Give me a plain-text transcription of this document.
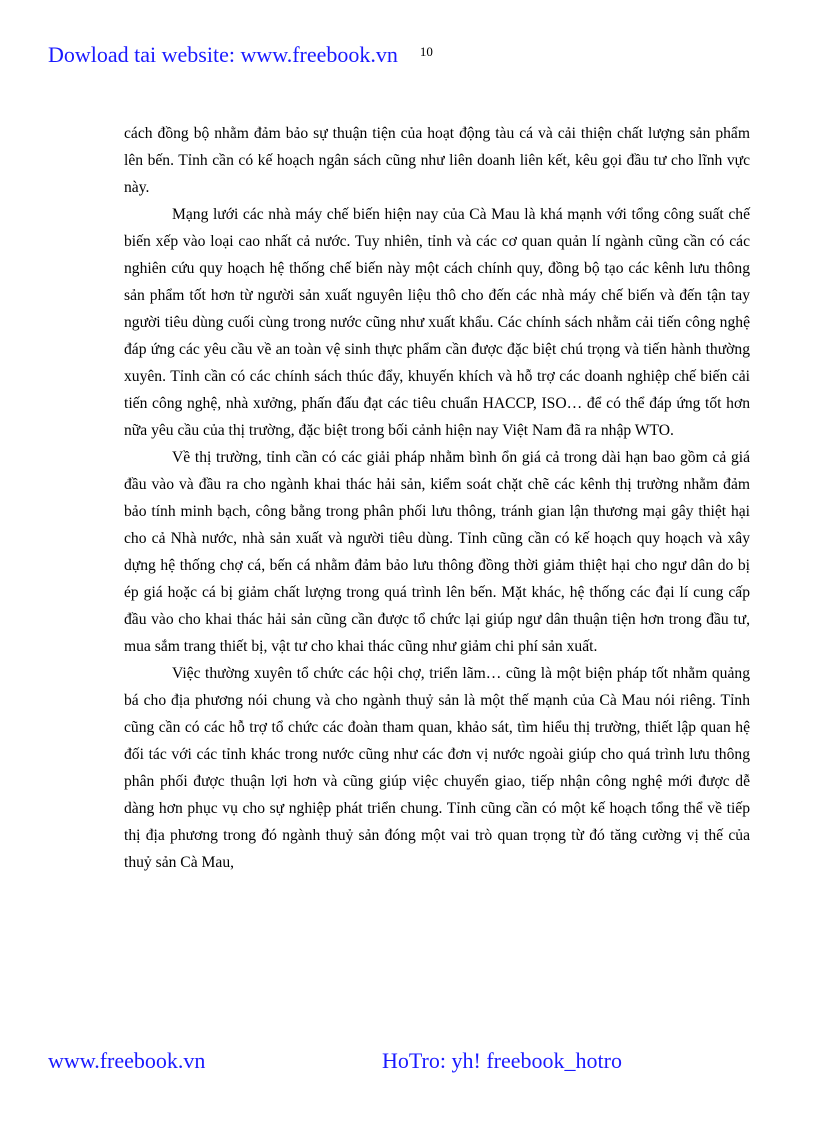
Dowload tai website: www.freebook.vn 10

cách đồng bộ nhằm đảm bảo sự thuận tiện của hoạt động tàu cá và cải thiện chất lượng sản phẩm lên bến. Tỉnh cần có kế hoạch ngân sách cũng như liên doanh liên kết, kêu gọi đầu tư cho lĩnh vực này.

Mạng lưới các nhà máy chế biến hiện nay của Cà Mau là khá mạnh với tổng công suất chế biến xếp vào loại cao nhất cả nước. Tuy nhiên, tỉnh và các cơ quan quản lí ngành cũng cần có các nghiên cứu quy hoạch hệ thống chế biến này một cách chính quy, đồng bộ tạo các kênh lưu thông sản phẩm tốt hơn từ người sản xuất nguyên liệu thô cho đến các nhà máy chế biến và đến tận tay người tiêu dùng cuối cùng trong nước cũng như xuất khẩu. Các chính sách nhằm cải tiến công nghệ đáp ứng các yêu cầu về an toàn vệ sinh thực phẩm cần được đặc biệt chú trọng và tiến hành thường xuyên. Tỉnh cần có các chính sách thúc đẩy, khuyến khích và hỗ trợ các doanh nghiệp chế biến cải tiến công nghệ, nhà xưởng, phấn đấu đạt các tiêu chuẩn HACCP, ISO… để có thể đáp ứng tốt hơn nữa yêu cầu của thị trường, đặc biệt trong bối cảnh hiện nay Việt Nam đã ra nhập WTO.

Về thị trường, tỉnh cần có các giải pháp nhằm bình ổn giá cả trong dài hạn bao gồm cả giá đầu vào và đầu ra cho ngành khai thác hải sản, kiểm soát chặt chẽ các kênh thị trường nhằm đảm bảo tính minh bạch, công bằng trong phân phối lưu thông, tránh gian lận thương mại gây thiệt hại cho cả Nhà nước, nhà sản xuất và người tiêu dùng. Tỉnh cũng cần có kế hoạch quy hoạch và xây dựng hệ thống chợ cá, bến cá nhằm đảm bảo lưu thông đồng thời giảm thiệt hại cho ngư dân do bị ép giá hoặc cá bị giảm chất lượng trong quá trình lên bến. Mặt khác, hệ thống các đại lí cung cấp đầu vào cho khai thác hải sản cũng cần được tổ chức lại giúp ngư dân thuận tiện hơn trong đầu tư, mua sắm trang thiết bị, vật tư cho khai thác cũng như giảm chi phí sản xuất.

Việc thường xuyên tổ chức các hội chợ, triển lãm… cũng là một biện pháp tốt nhằm quảng bá cho địa phương nói chung và cho ngành thuỷ sản là một thế mạnh của Cà Mau nói riêng. Tỉnh cũng cần có các hỗ trợ tổ chức các đoàn tham quan, khảo sát, tìm hiểu thị trường, thiết lập quan hệ đối tác với các tỉnh khác trong nước cũng như các đơn vị nước ngoài giúp cho quá trình lưu thông phân phối được thuận lợi hơn và cũng giúp việc chuyển giao, tiếp nhận công nghệ mới được dễ dàng hơn phục vụ cho sự nghiệp phát triển chung. Tỉnh cũng cần có một kế hoạch tổng thể về tiếp thị địa phương trong đó ngành thuỷ sản đóng một vai trò quan trọng từ đó tăng cường vị thế của thuỷ sản Cà Mau,

www.freebook.vn	HoTro: yh! freebook_hotro
